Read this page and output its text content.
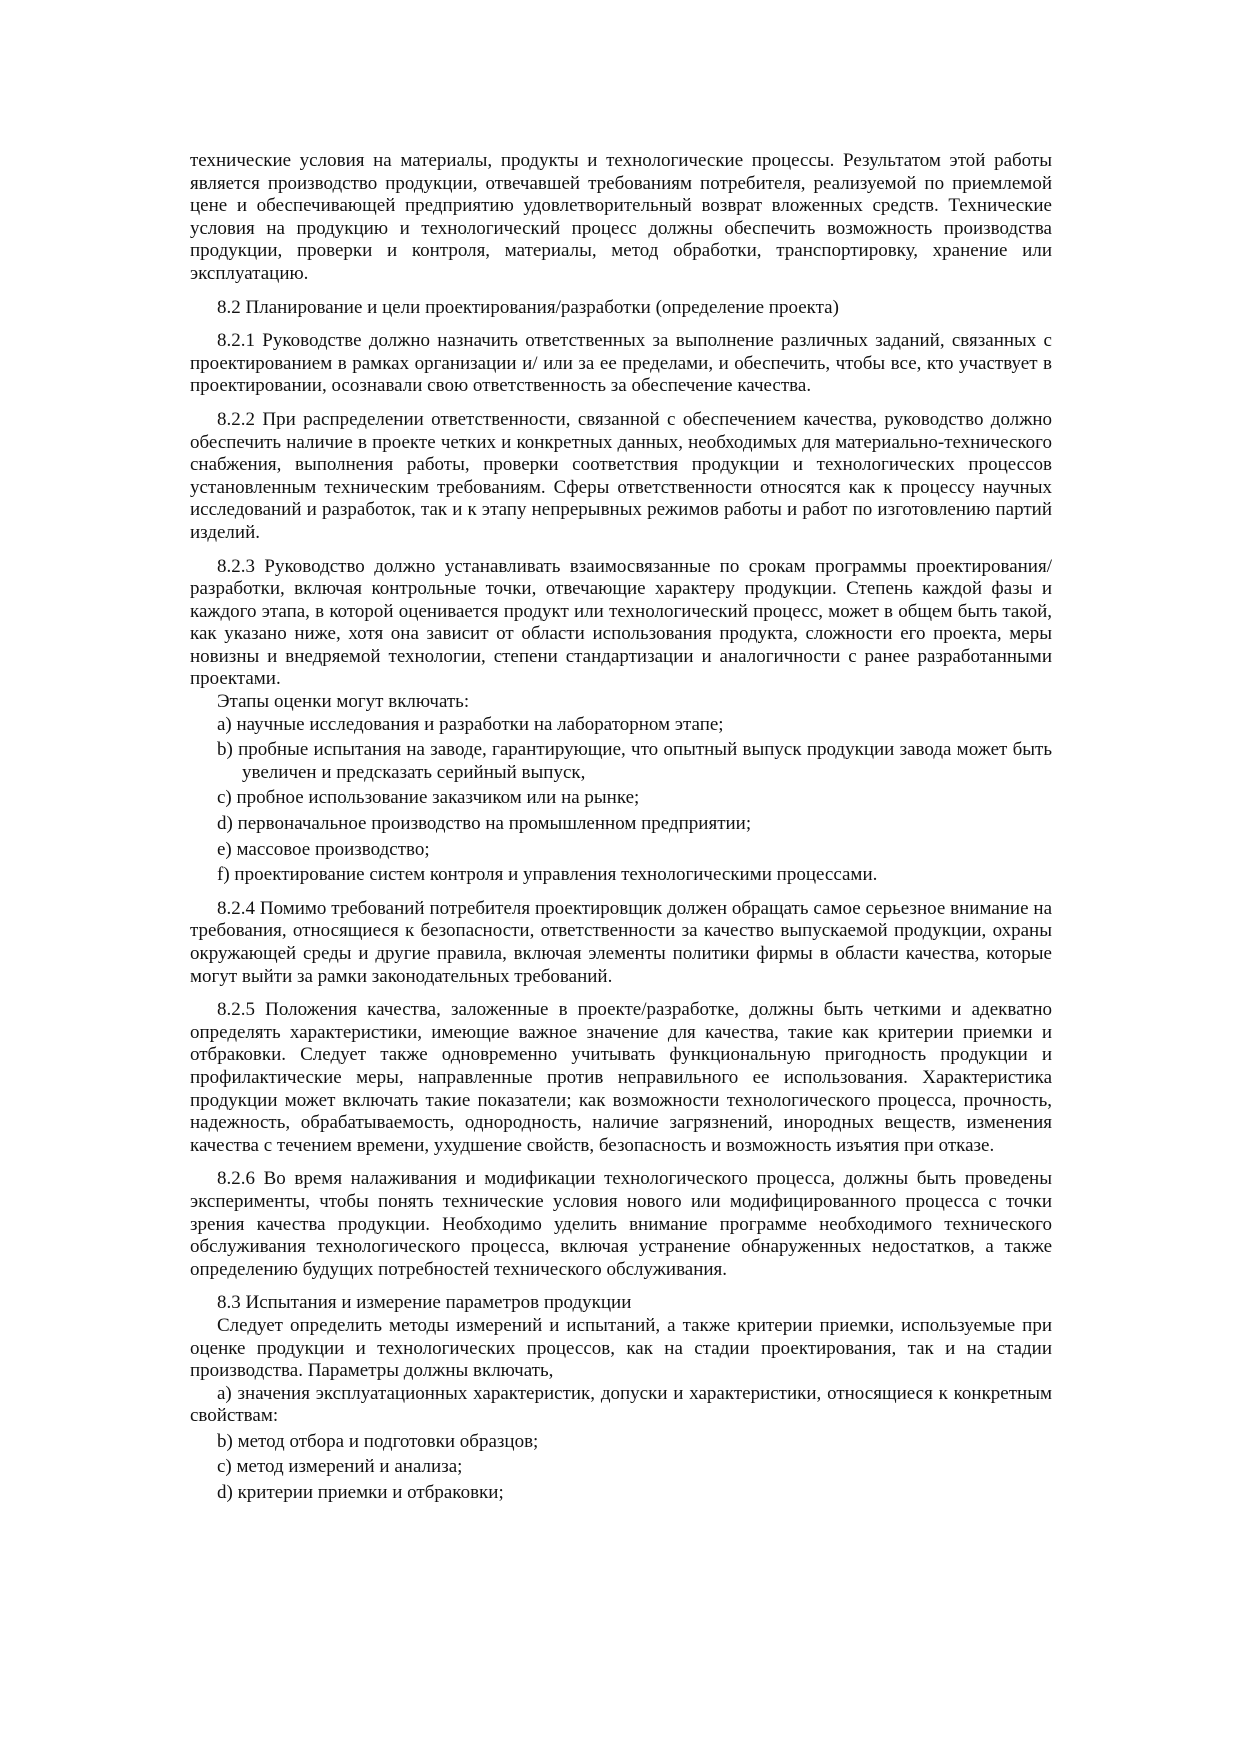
технические условия на материалы, продукты и технологические процессы. Результатом этой работы является производство продукции, отвечавшей требованиям потребителя, реализуемой по приемлемой цене и обеспечивающей предприятию удовлетворительный возврат вложенных средств. Технические условия на продукцию и технологический процесс должны обеспечить возможность производства продукции, проверки и контроля, материалы, метод обработки, транспортировку, хранение или эксплуатацию.

8.2 Планирование и цели проектирования/разработки (определение проекта)

8.2.1 Руководстве должно назначить ответственных за выполнение различных заданий, связанных с проектированием в рамках организации и/ или за ее пределами, и обеспечить, чтобы все, кто участвует в проектировании, осознавали свою ответственность за обеспечение качества.

8.2.2 При распределении ответственности, связанной с обеспечением качества, руководство должно обеспечить наличие в проекте четких и конкретных данных, необходимых для материально-технического снабжения, выполнения работы, проверки соответствия продукции и технологических процессов установленным техническим требованиям. Сферы ответственности относятся как к процессу научных исследований и разработок, так и к этапу непрерывных режимов работы и работ по изготовлению партий изделий.

8.2.3 Руководство должно устанавливать взаимосвязанные по срокам программы проектирования/разработки, включая контрольные точки, отвечающие характеру продукции. Степень каждой фазы и каждого этапа, в которой оценивается продукт или технологический процесс, может в общем быть такой, как указано ниже, хотя она зависит от области использования продукта, сложности его проекта, меры новизны и внедряемой технологии, степени стандартизации и аналогичности с ранее разработанными проектами.

Этапы оценки могут включать:

a) научные исследования и разработки на лабораторном этапе;

b) пробные испытания на заводе, гарантирующие, что опытный выпуск продукции завода может быть увеличен и предсказать серийный выпуск,

c) пробное использование заказчиком или на рынке;

d) первоначальное производство на промышленном предприятии;

e) массовое производство;

f) проектирование систем контроля и управления технологическими процессами.

8.2.4 Помимо требований потребителя проектировщик должен обращать самое серьезное внимание на требования, относящиеся к безопасности, ответственности за качество выпускаемой продукции, охраны окружающей среды и другие правила, включая элементы политики фирмы в области качества, которые могут выйти за рамки законодательных требований.

8.2.5 Положения качества, заложенные в проекте/разработке, должны быть четкими и адекватно определять характеристики, имеющие важное значение для качества, такие как критерии приемки и отбраковки. Следует также одновременно учитывать функциональную пригодность продукции и профилактические меры, направленные против неправильного ее использования. Характеристика продукции может включать такие показатели; как возможности технологического процесса, прочность, надежность, обрабатываемость, однородность, наличие загрязнений, инородных веществ, изменения качества с течением времени, ухудшение свойств, безопасность и возможность изъятия при отказе.

8.2.6 Во время налаживания и модификации технологического процесса, должны быть проведены эксперименты, чтобы понять технические условия нового или модифицированного процесса с точки зрения качества продукции. Необходимо уделить внимание программе необходимого технического обслуживания технологического процесса, включая устранение обнаруженных недостатков, а также определению будущих потребностей технического обслуживания.

8.3 Испытания и измерение параметров продукции

Следует определить методы измерений и испытаний, а также критерии приемки, используемые при оценке продукции и технологических процессов, как на стадии проектирования, так и на стадии производства. Параметры должны включать,

a) значения эксплуатационных характеристик, допуски и характеристики, относящиеся к конкретным свойствам:

b) метод отбора и подготовки образцов;

c) метод измерений и анализа;

d) критерии приемки и отбраковки;
